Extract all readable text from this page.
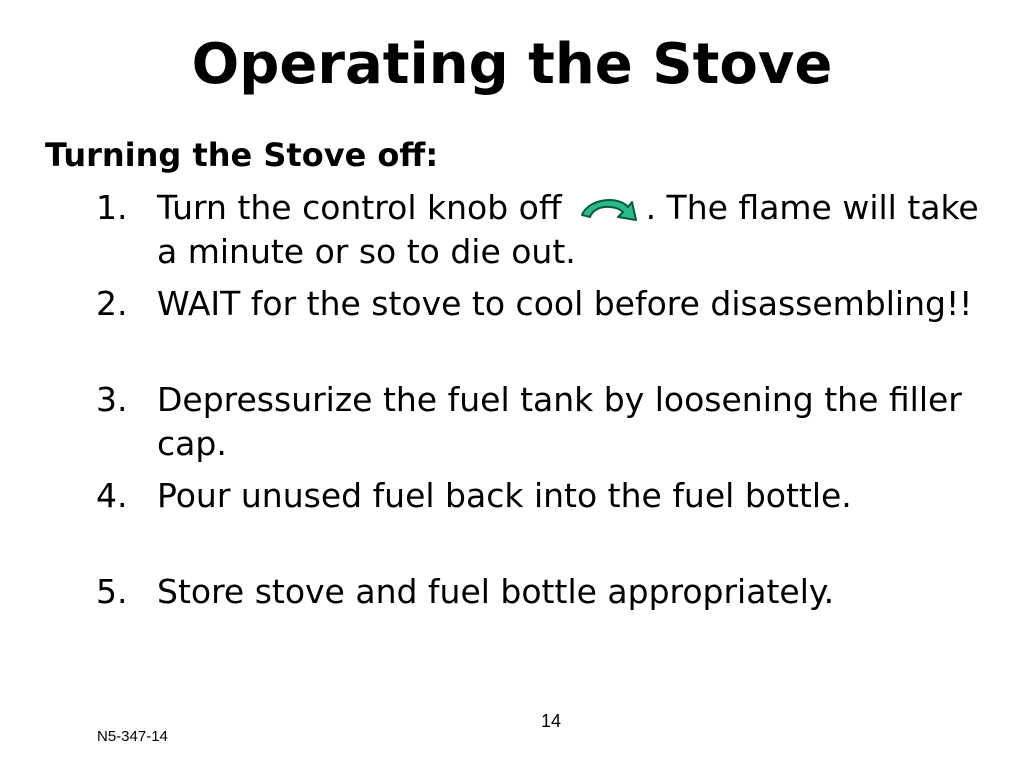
Operating the Stove
Turning the Stove off:
1. Turn the control knob off	. The flame will take a minute or so to die out.
2. WAIT for the stove to cool before disassembling!!
3. Depressurize the fuel tank by loosening the filler cap.
4. Pour unused fuel back into the fuel bottle.
5. Store stove and fuel bottle appropriately.
N5-347-14
14
